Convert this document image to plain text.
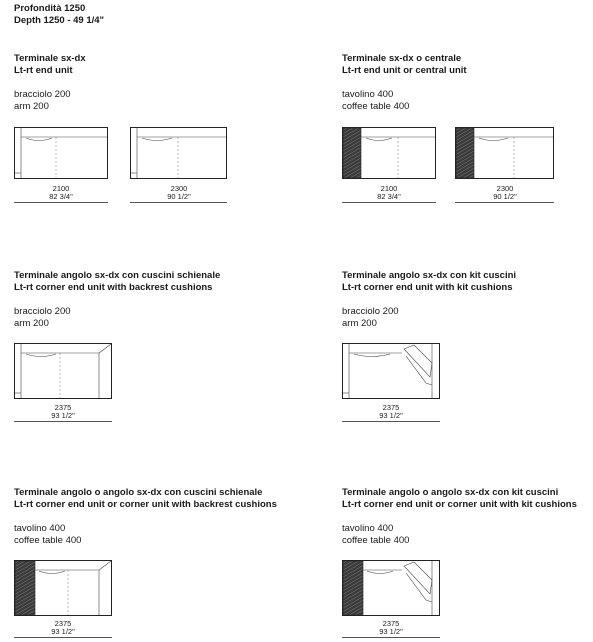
Profondità 1250
Depth 1250 - 49 1/4"
Terminale sx-dx
Lt-rt end unit
bracciolo 200
arm 200
2100
82 3/4"
2300
90 1/2"
Terminale sx-dx o centrale
Lt-rt end unit or central unit
tavolino 400
coffee table 400
2100
82 3/4"
2300
90 1/2"
Terminale angolo sx-dx con cuscini schienale
Lt-rt corner end unit with backrest cushions
bracciolo 200
arm 200
2375
93 1/2"
Terminale angolo sx-dx con kit cuscini
Lt-rt corner end unit with kit cushions
bracciolo 200
arm 200
2375
93 1/2"
Terminale angolo o angolo sx-dx con cuscini schienale
Lt-rt corner end unit or corner unit with backrest cushions
tavolino 400
coffee table 400
2375
93 1/2"
Terminale angolo o angolo sx-dx con kit cuscini
Lt-rt corner end unit or corner unit with kit cushions
tavolino 400
coffee table 400
2375
93 1/2"
